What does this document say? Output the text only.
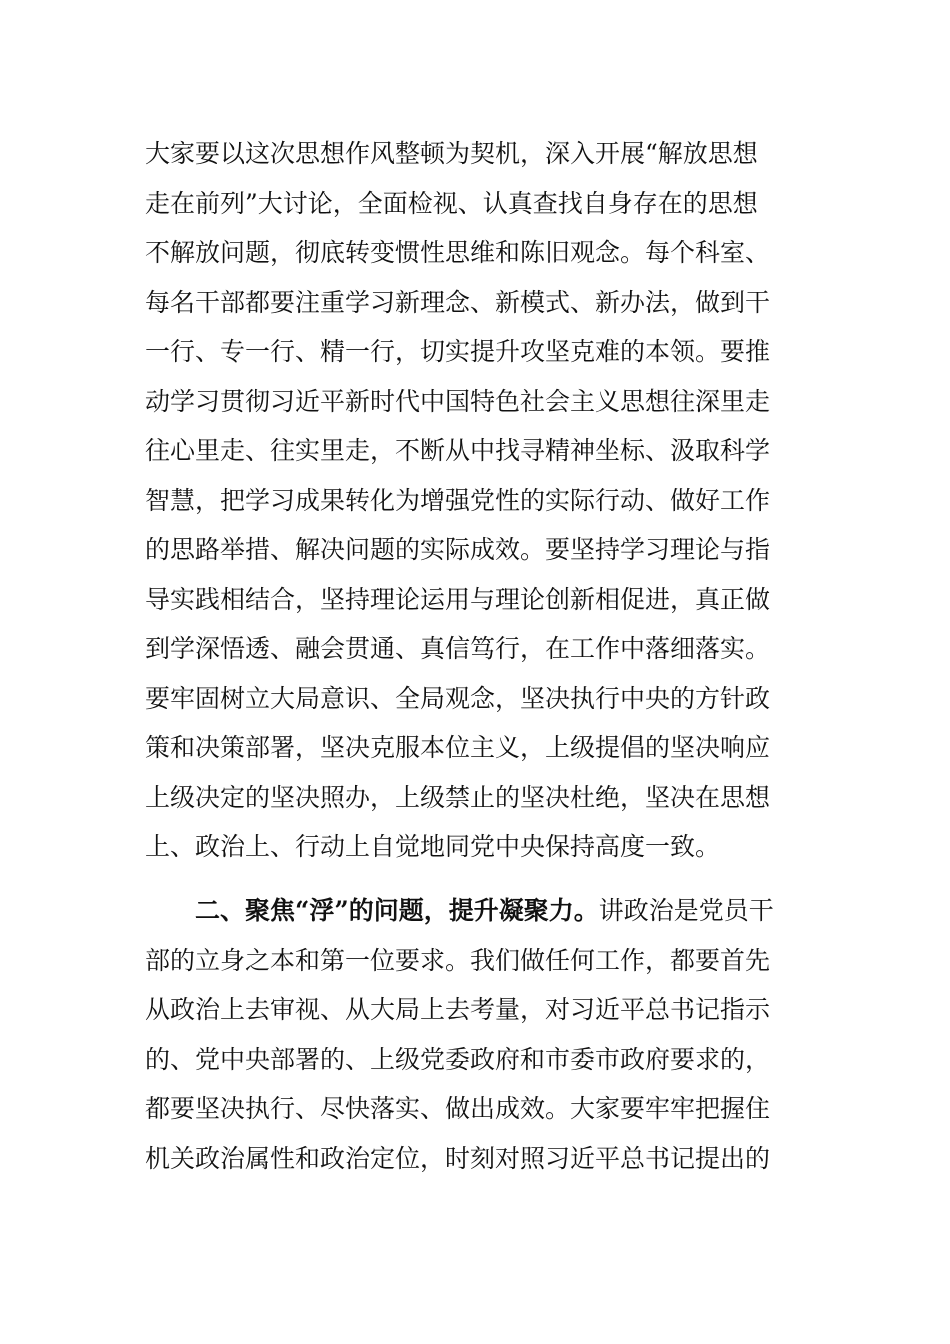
大家要以这次思想作风整顿为契机，深入开展“解放思想
走在前列”大讨论，全面检视、认真查找自身存在的思想
不解放问题，彻底转变惯性思维和陈旧观念。每个科室、
每名干部都要注重学习新理念、新模式、新办法，做到干
一行、专一行、精一行，切实提升攻坚克难的本领。要推
动学习贯彻习近平新时代中国特色社会主义思想往深里走
往心里走、往实里走，不断从中找寻精神坐标、汲取科学
智慧，把学习成果转化为增强党性的实际行动、做好工作
的思路举措、解决问题的实际成效。要坚持学习理论与指
导实践相结合，坚持理论运用与理论创新相促进，真正做
到学深悟透、融会贯通、真信笃行，在工作中落细落实。
要牢固树立大局意识、全局观念，坚决执行中央的方针政
策和决策部署，坚决克服本位主义，上级提倡的坚决响应
上级决定的坚决照办，上级禁止的坚决杜绝，坚决在思想
上、政治上、行动上自觉地同党中央保持高度一致。
二、聚焦“浮”的问题，提升凝聚力。讲政治是党员干
部的立身之本和第一位要求。我们做任何工作，都要首先
从政治上去审视、从大局上去考量，对习近平总书记指示
的、党中央部署的、上级党委政府和市委市政府要求的，
都要坚决执行、尽快落实、做出成效。大家要牢牢把握住
机关政治属性和政治定位，时刻对照习近平总书记提出的
